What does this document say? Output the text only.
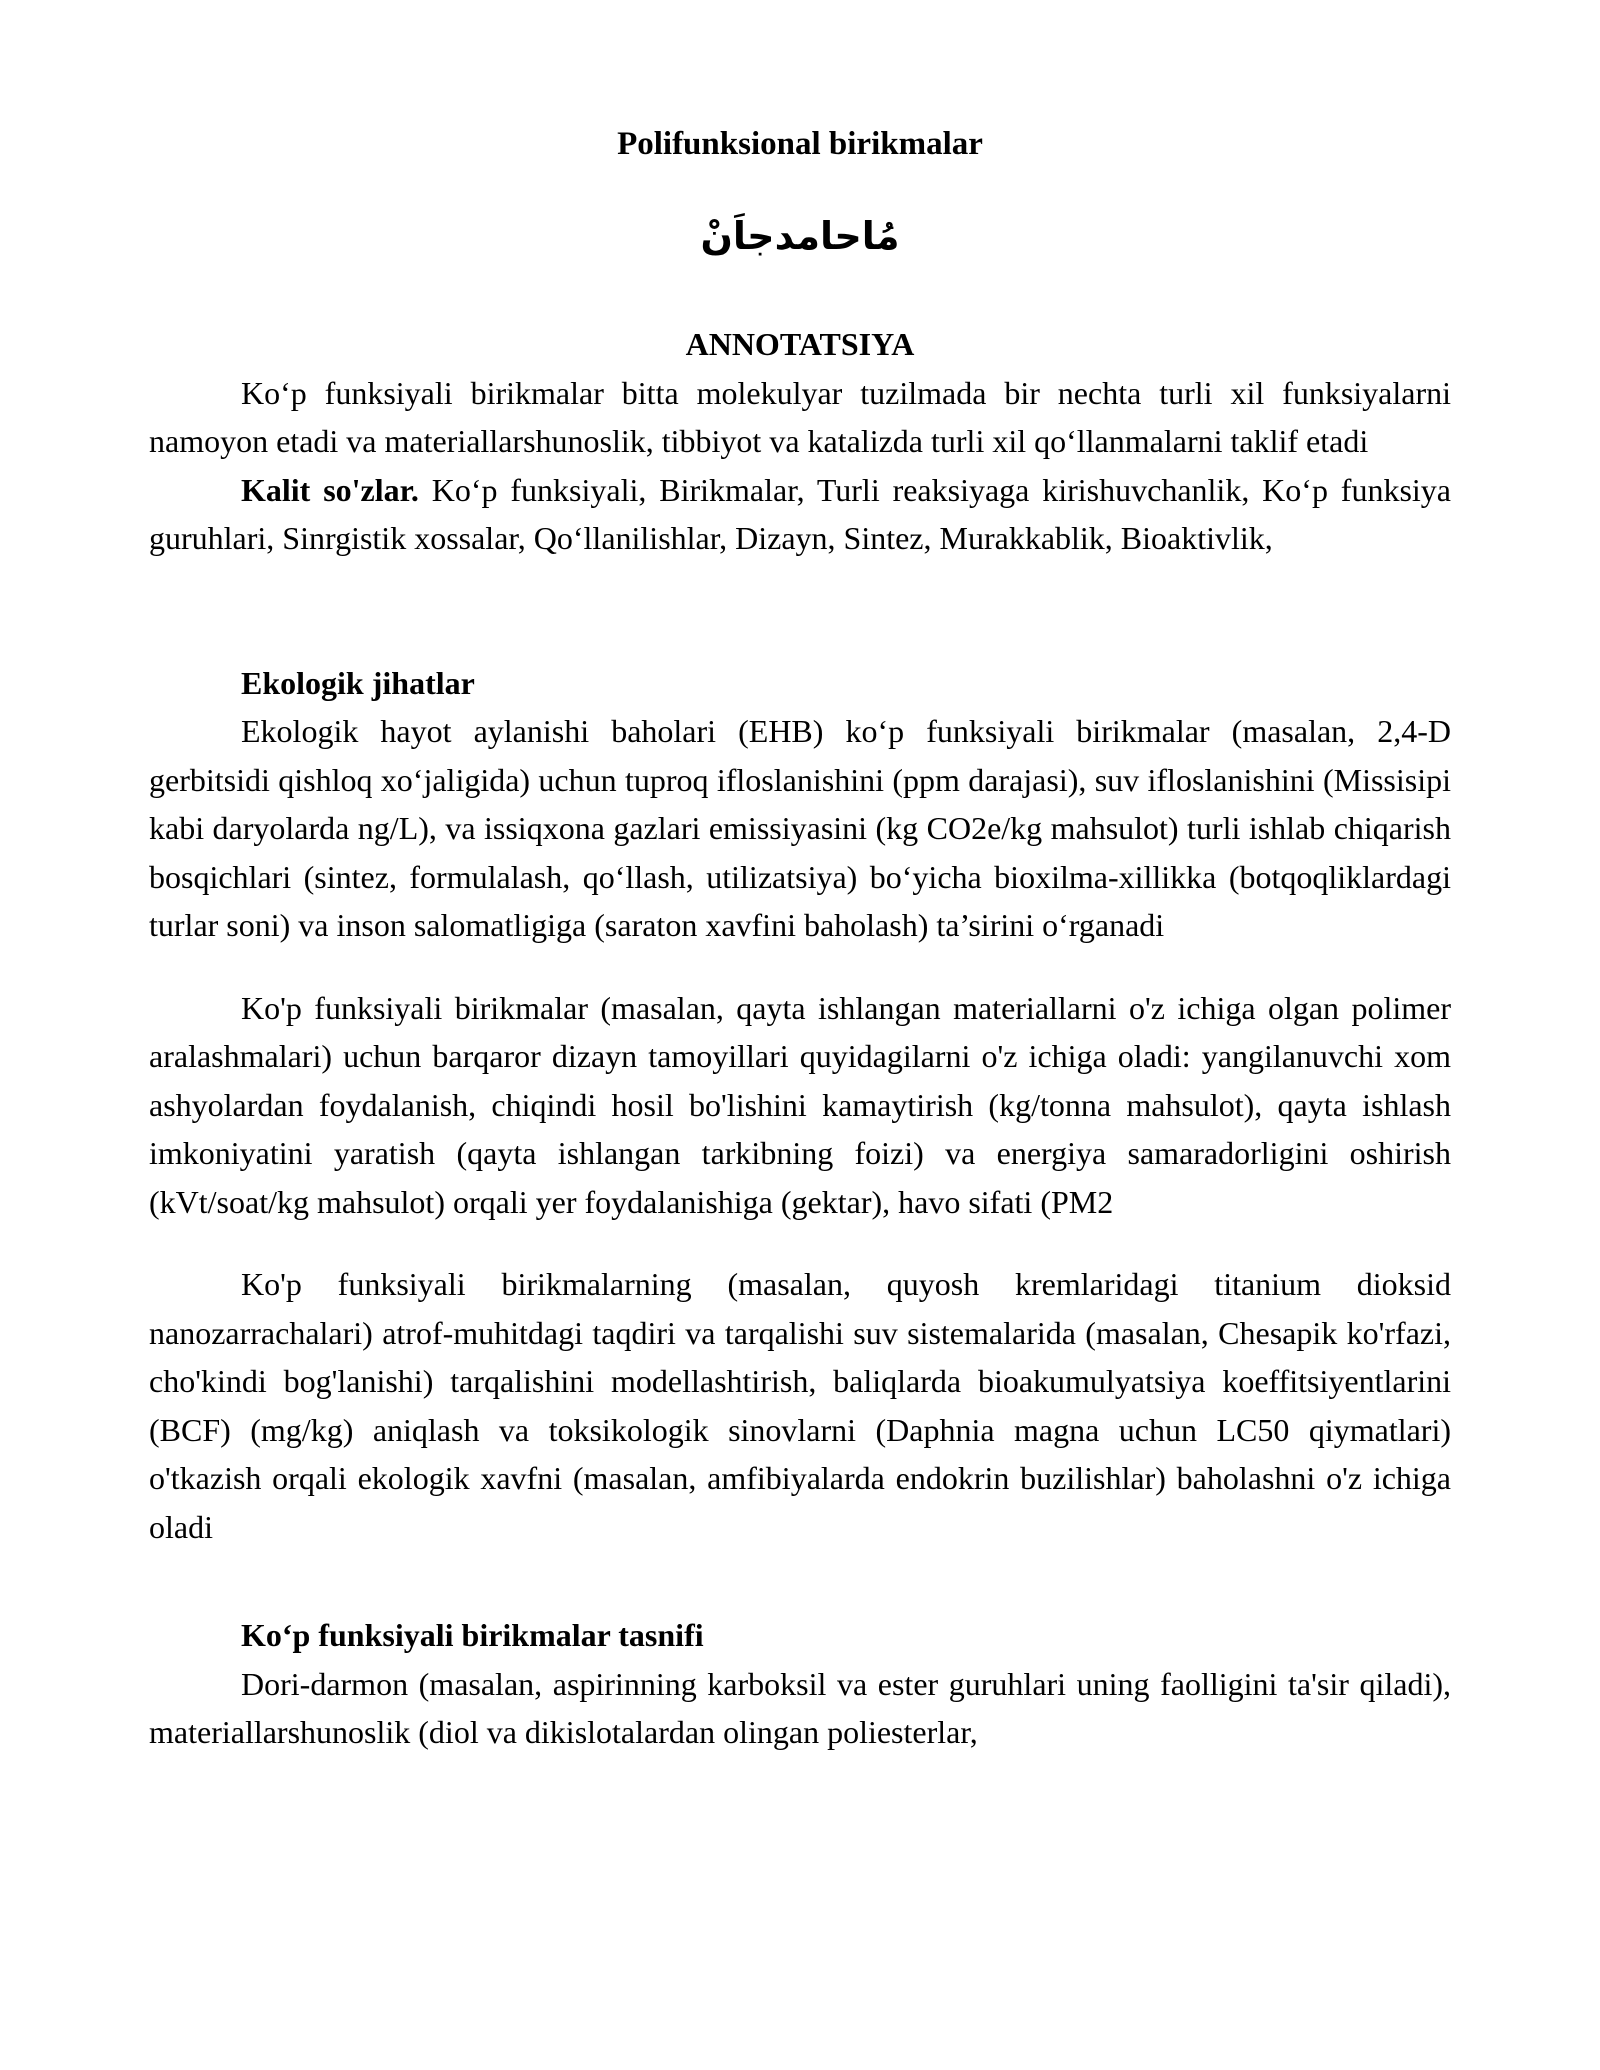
Polifunksional birikmalar
مُاحامدجاَنْ
ANNOTATSIYA

Ko‘p funksiyali birikmalar bitta molekulyar tuzilmada bir nechta turli xil funksiyalarni namoyon etadi va materiallarshunoslik, tibbiyot va katalizda turli xil qo‘llanmalarni taklif etadi

Kalit so'zlar. Ko‘p funksiyali, Birikmalar, Turli reaksiyaga kirishuvchanlik, Ko‘p funksiya guruhlari, Sinrgistik xossalar, Qo‘llanilishlar, Dizayn, Sintez, Murakkablik, Bioaktivlik,

Ekologik jihatlar

Ekologik hayot aylanishi baholari (EHB) ko‘p funksiyali birikmalar (masalan, 2,4-D gerbitsidi qishloq xo‘jaligida) uchun tuproq ifloslanishini (ppm darajasi), suv ifloslanishini (Missisipi kabi daryolarda ng/L), va issiqxona gazlari emissiyasini (kg CO2e/kg mahsulot) turli ishlab chiqarish bosqichlari (sintez, formulalash, qo‘llash, utilizatsiya) bo‘yicha bioxilma-xillikka (botqoqliklardagi turlar soni) va inson salomatligiga (saraton xavfini baholash) ta’sirini o‘rganadi

Ko'p funksiyali birikmalar (masalan, qayta ishlangan materiallarni o'z ichiga olgan polimer aralashmalari) uchun barqaror dizayn tamoyillari quyidagilarni o'z ichiga oladi: yangilanuvchi xom ashyolardan foydalanish, chiqindi hosil bo'lishini kamaytirish (kg/tonna mahsulot), qayta ishlash imkoniyatini yaratish (qayta ishlangan tarkibning foizi) va energiya samaradorligini oshirish (kVt/soat/kg mahsulot) orqali yer foydalanishiga (gektar), havo sifati (PM2

Ko'p funksiyali birikmalarning (masalan, quyosh kremlaridagi titanium dioksid nanozarrachalari) atrof-muhitdagi taqdiri va tarqalishi suv sistemalarida (masalan, Chesapik ko'rfazi, cho'kindi bog'lanishi) tarqalishini modellashtirish, baliqlarda bioakumulyatsiya koeffitsiyentlarini (BCF) (mg/kg) aniqlash va toksikologik sinovlarni (Daphnia magna uchun LC50 qiymatlari) o'tkazish orqali ekologik xavfni (masalan, amfibiyalarda endokrin buzilishlar) baholashni o'z ichiga oladi

Ko‘p funksiyali birikmalar tasnifi

Dori-darmon (masalan, aspirinning karboksil va ester guruhlari uning faolligini ta'sir qiladi), materiallarshunoslik (diol va dikislotalardan olingan poliesterlar,
